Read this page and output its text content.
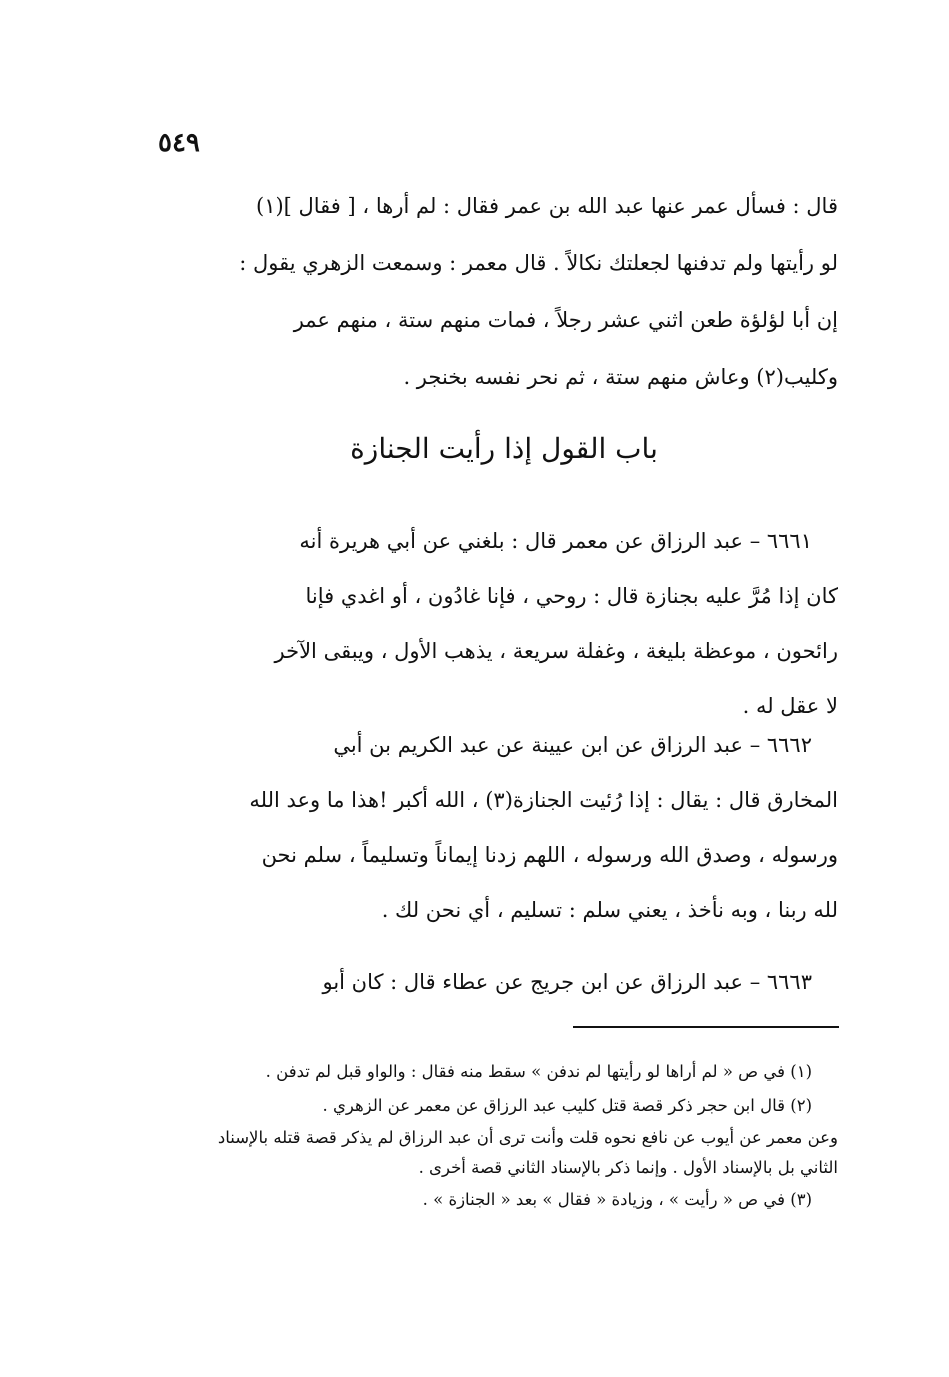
٥٤٩
قال : فسأل عمر عنها عبد الله بن عمر فقال : لم أرها ، [ فقال ](١)
لو رأيتها ولم تدفنها لجعلتك نكالاً . قال معمر : وسمعت الزهري يقول :
إن أبا لؤلؤة طعن اثني عشر رجلاً ، فمات منهم ستة ، منهم عمر
وكليب(٢) وعاش منهم ستة ، ثم نحر نفسه بخنجر .
باب القول إذا رأيت الجنازة
٦٦٦١ – عبد الرزاق عن معمر قال : بلغني عن أبي هريرة أنه
كان إذا مُرَّ عليه بجنازة قال : روحي ، فإنا غادُون ، أو اغدي فإنا
رائحون ، موعظة بليغة ، وغفلة سريعة ، يذهب الأول ، ويبقى الآخر
لا عقل له .
٦٦٦٢ – عبد الرزاق عن ابن عيينة عن عبد الكريم بن أبي
المخارق قال : يقال : إذا رُئيت الجنازة(٣) ، الله أكبر !هذا ما وعد الله
ورسوله ، وصدق الله ورسوله ، اللهم زدنا إيماناً وتسليماً ، سلم نحن
لله ربنا ، وبه نأخذ ، يعني سلم : تسليم ، أي نحن لك .
٦٦٦٣ – عبد الرزاق عن ابن جريج عن عطاء قال : كان أبو
(١) في ص « لم أراها لو رأيتها لم ندفن » سقط منه فقال : والواو قبل لم تدفن .
(٢) قال ابن حجر ذكر قصة قتل كليب عبد الرزاق عن معمر عن الزهري .
وعن معمر عن أيوب عن نافع نحوه قلت وأنت ترى أن عبد الرزاق لم يذكر قصة قتله بالإسناد
الثاني بل بالإسناد الأول . وإنما ذكر بالإسناد الثاني قصة أخرى .
(٣) في ص « رأيت » ، وزيادة « فقال » بعد « الجنازة » .
